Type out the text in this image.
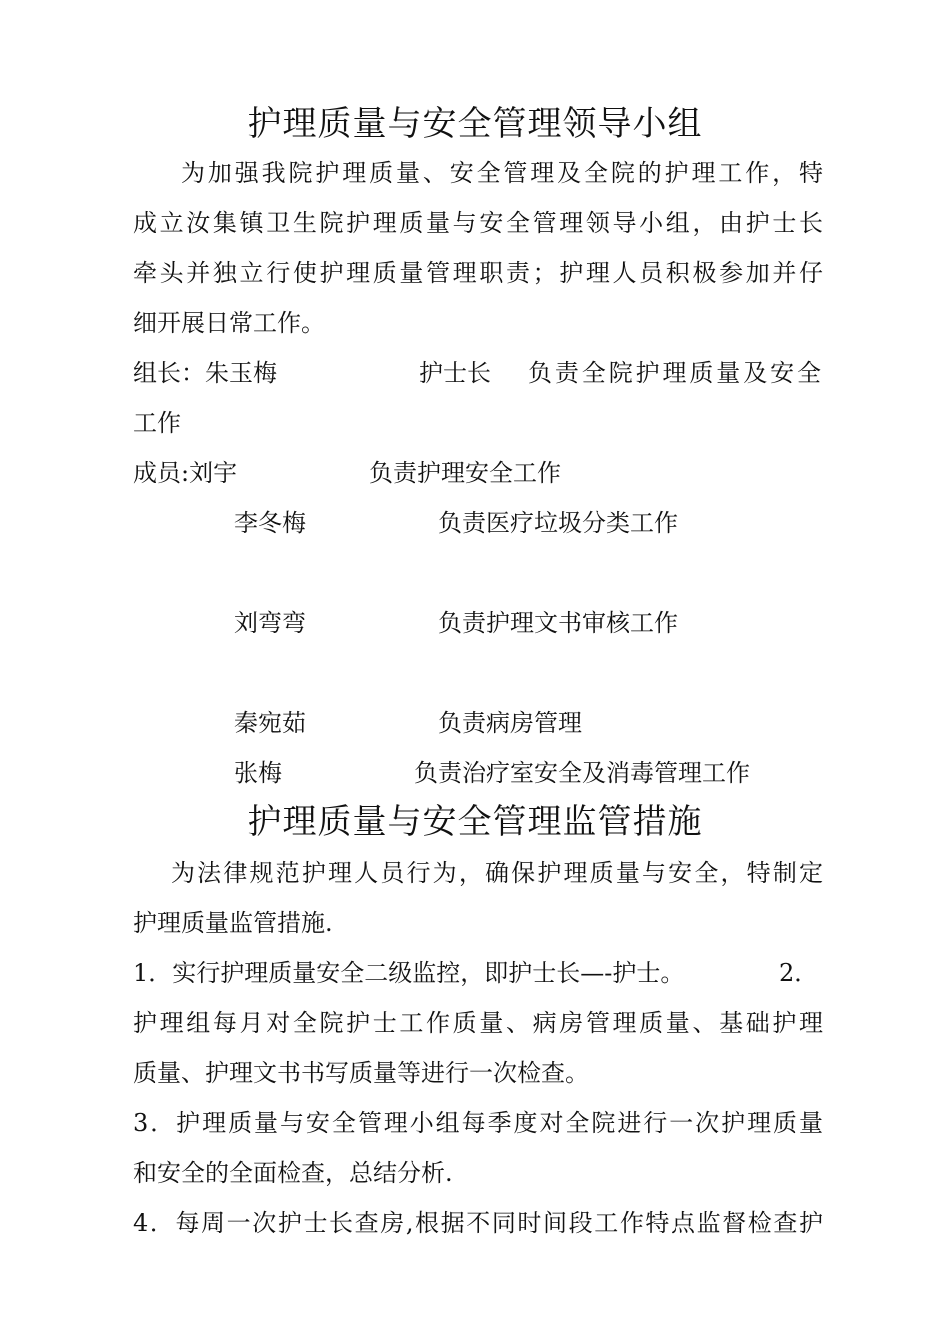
护理质量与安全管理领导小组

为加强我院护理质量、安全管理及全院的护理工作，特

成立汝集镇卫生院护理质量与安全管理领导小组，由护士长

牵头并独立行使护理质量管理职责；护理人员积极参加并仔

细开展日常工作。

组长：朱玉梅	护士长 负责全院护理质量及安全

工作

成员:刘宇	负责护理安全工作

李冬梅	负责医疗垃圾分类工作

刘弯弯	负责护理文书审核工作

秦宛茹	负责病房管理

张梅	负责治疗室安全及消毒管理工作

护理质量与安全管理监管措施

为法律规范护理人员行为，确保护理质量与安全，特制定

护理质量监管措施.

1．实行护理质量安全二级监控，即护士长—-护士。	2．

护理组每月对全院护士工作质量、病房管理质量、基础护理

质量、护理文书书写质量等进行一次检查。

3．护理质量与安全管理小组每季度对全院进行一次护理质量

和安全的全面检查，总结分析.

4．每周一次护士长查房,根据不同时间段工作特点监督检查护
